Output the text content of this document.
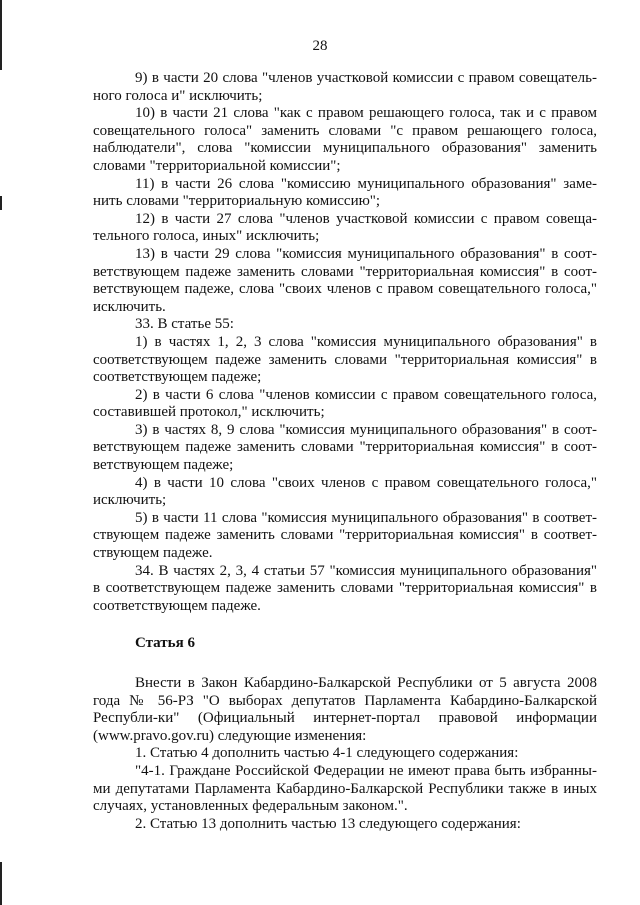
28

9) в части 20 слова "членов участковой комиссии с правом совещатель-ного голоса и" исключить;

10) в части 21 слова "как с правом решающего голоса, так и с правом совещательного голоса" заменить словами "с правом решающего голоса, наблюдатели", слова "комиссии муниципального образования" заменить словами "территориальной комиссии";

11) в части 26 слова "комиссию муниципального образования" заме-нить словами "территориальную комиссию";

12) в части 27 слова "членов участковой комиссии с правом совеща-тельного голоса, иных" исключить;

13) в части 29 слова "комиссия муниципального образования" в соот-ветствующем падеже заменить словами "территориальная комиссия" в соот-ветствующем падеже, слова "своих членов с правом совещательного голоса," исключить.

33. В статье 55:

1) в частях 1, 2, 3 слова "комиссия муниципального образования" в соответствующем падеже заменить словами "территориальная комиссия" в соответствующем падеже;

2) в части 6 слова "членов комиссии с правом совещательного голоса, составившей протокол," исключить;

3) в частях 8, 9 слова "комиссия муниципального образования" в соот-ветствующем падеже заменить словами "территориальная комиссия" в соот-ветствующем падеже;

4) в части 10 слова "своих членов с правом совещательного голоса," исключить;

5) в части 11 слова "комиссия муниципального образования" в соответ-ствующем падеже заменить словами "территориальная комиссия" в соответ-ствующем падеже.

34. В частях 2, 3, 4 статьи 57 "комиссия муниципального образования" в соответствующем падеже заменить словами "территориальная комиссия" в соответствующем падеже.

Статья 6

Внести в Закон Кабардино-Балкарской Республики от 5 августа 2008 года № 56-РЗ "О выборах депутатов Парламента Кабардино-Балкарской Республи-ки" (Официальный интернет-портал правовой информации (www.pravo.gov.ru) следующие изменения:

1. Статью 4 дополнить частью 4-1 следующего содержания:

"4-1. Граждане Российской Федерации не имеют права быть избранны-ми депутатами Парламента Кабардино-Балкарской Республики также в иных случаях, установленных федеральным законом.".

2. Статью 13 дополнить частью 13 следующего содержания:
